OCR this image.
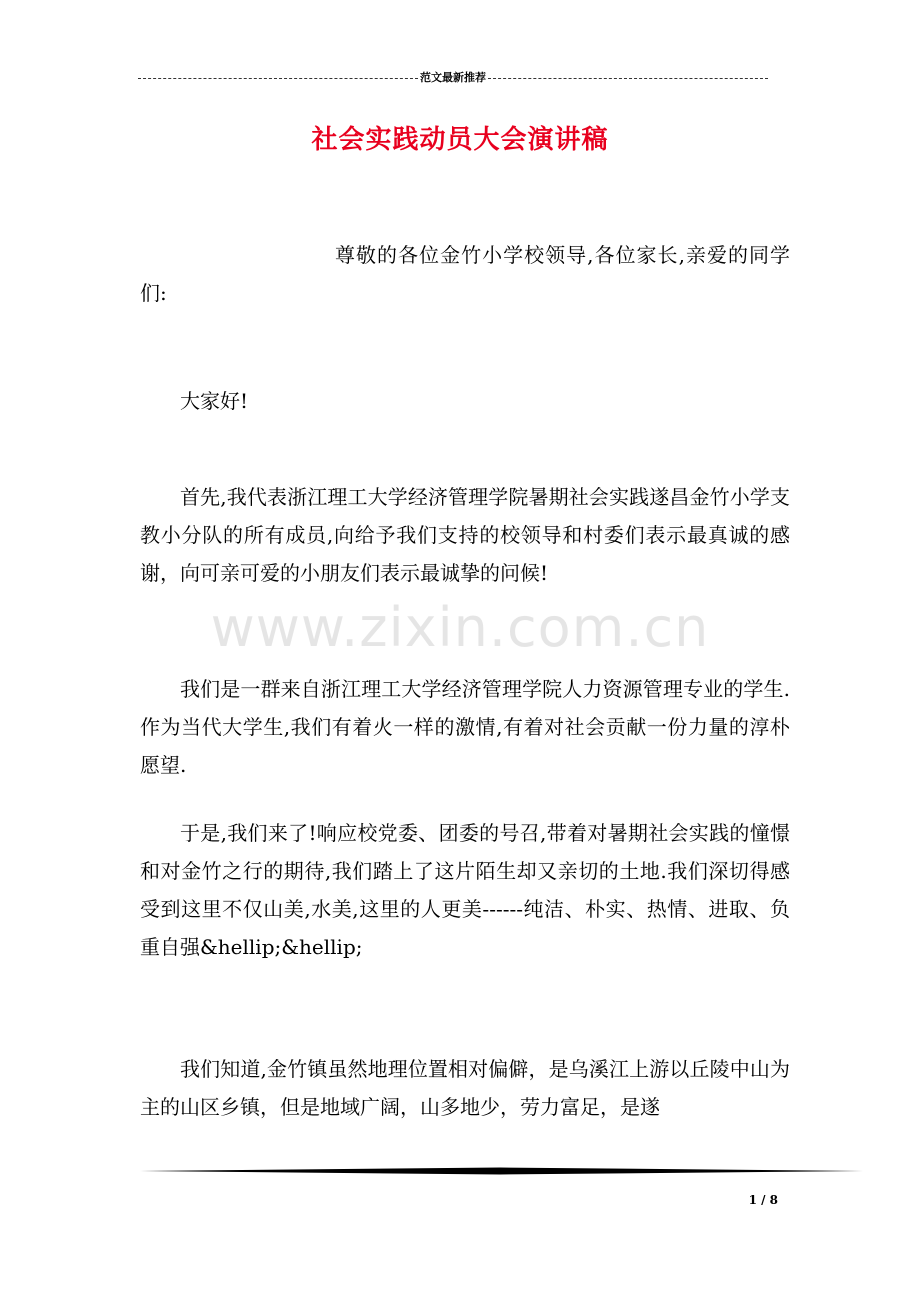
范文最新推荐
社会实践动员大会演讲稿

尊敬的各位金竹小学校领导,各位家长,亲爱的同学们:

大家好!

首先,我代表浙江理工大学经济管理学院暑期社会实践遂昌金竹小学支教小分队的所有成员,向给予我们支持的校领导和村委们表示最真诚的感谢，向可亲可爱的小朋友们表示最诚挚的问候!

www.zixin.com.cn

我们是一群来自浙江理工大学经济管理学院人力资源管理专业的学生.作为当代大学生,我们有着火一样的激情,有着对社会贡献一份力量的淳朴愿望.

于是,我们来了!响应校党委、团委的号召,带着对暑期社会实践的憧憬和对金竹之行的期待,我们踏上了这片陌生却又亲切的土地.我们深切得感受到这里不仅山美,水美,这里的人更美------纯洁、朴实、热情、进取、负重自强&hellip;&hellip;

我们知道,金竹镇虽然地理位置相对偏僻，是乌溪江上游以丘陵中山为主的山区乡镇，但是地域广阔，山多地少，劳力富足，是遂

1 / 8
